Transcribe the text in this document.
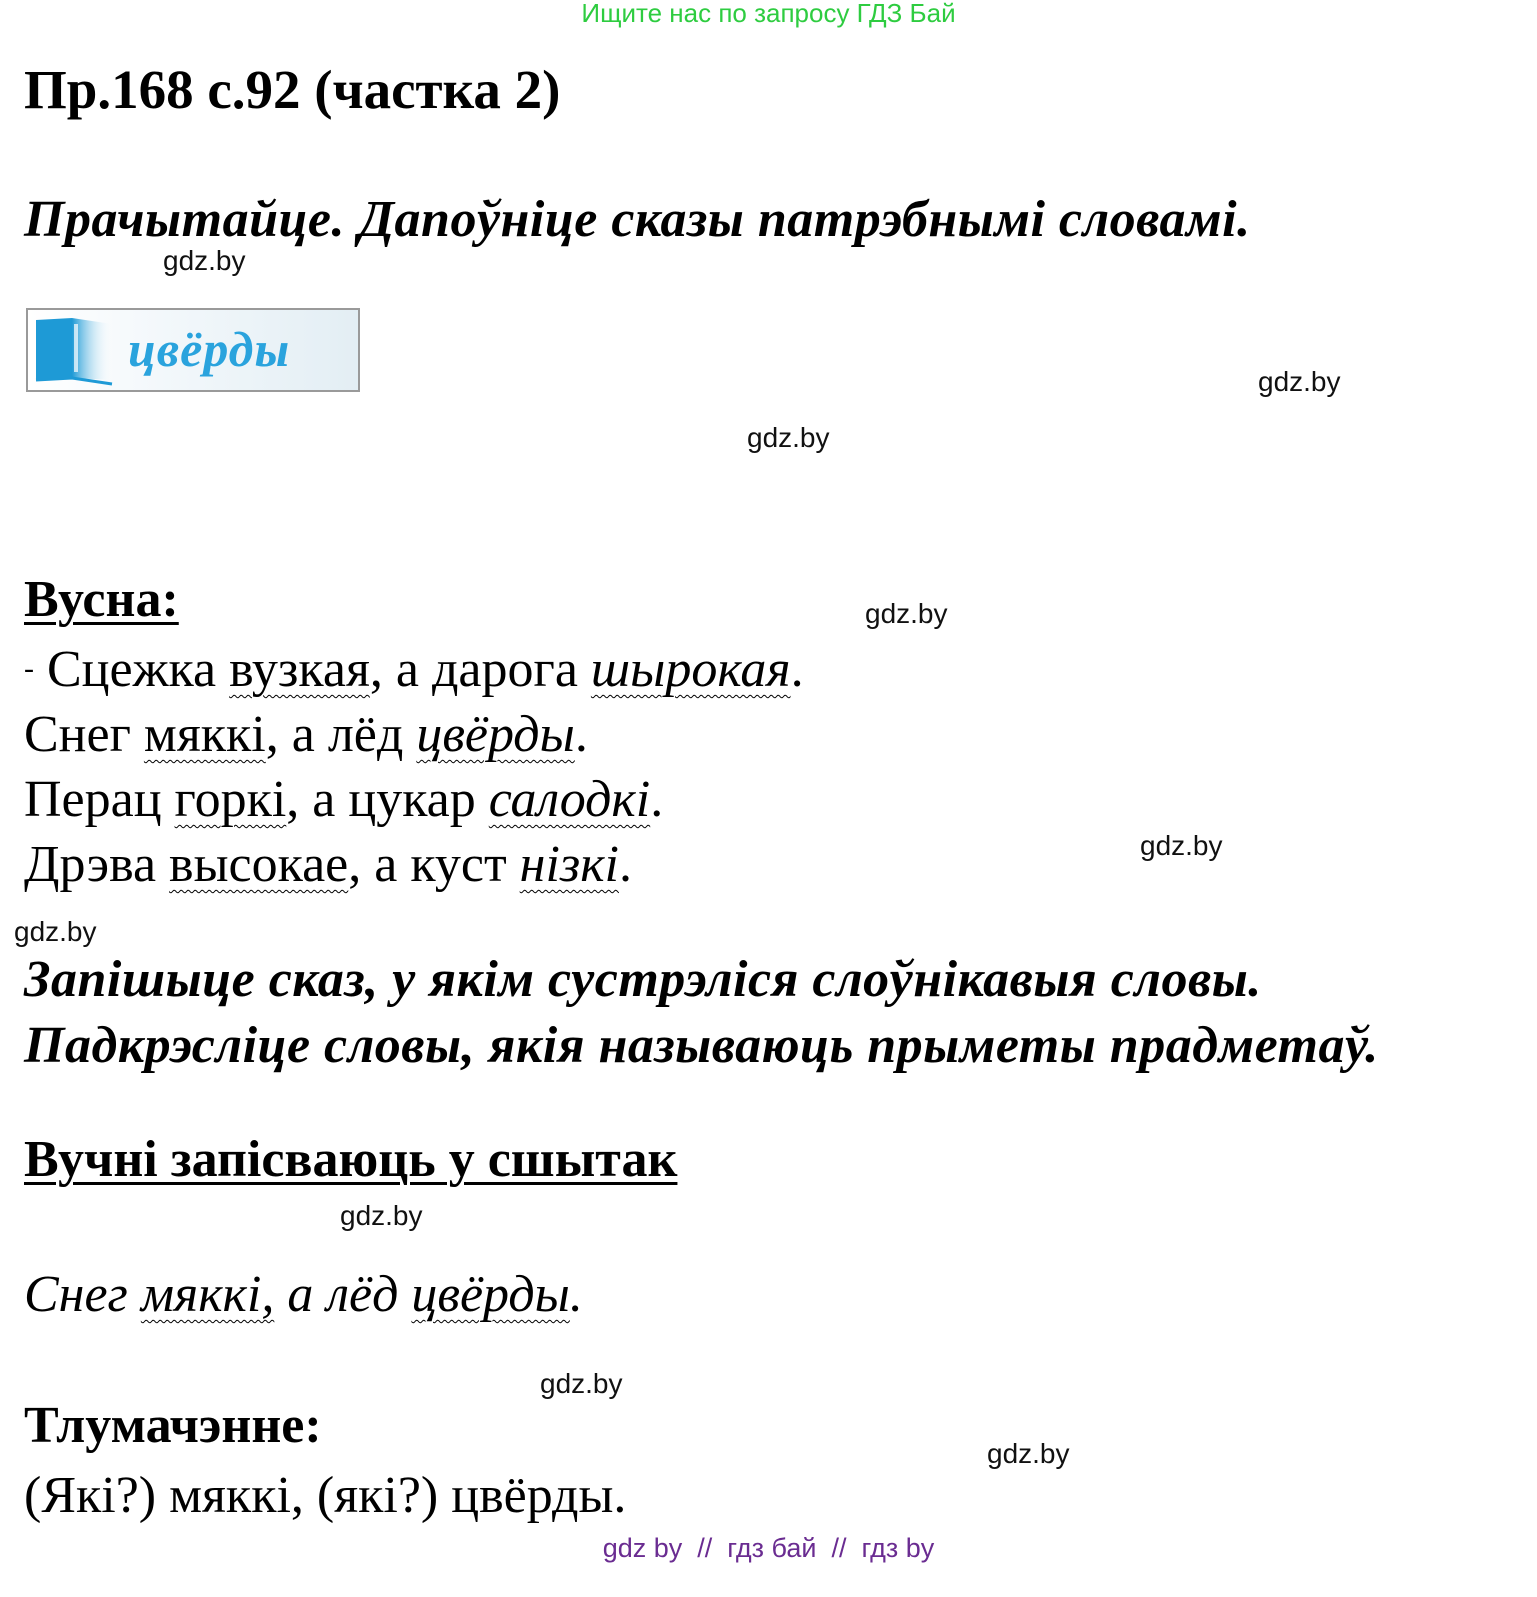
Ищите нас по запросу ГДЗ Бай
Пр.168 с.92 (частка 2)
Прачытайце. Дапоўніце сказы патрэбнымі словамі.
gdz.by
цвёрды
gdz.by
gdz.by
Вусна:	gdz.by
- Сцежка вузкая, а дарога шырокая.
Снег мяккі, а лёд цвёрды.
Перац горкі, а цукар салодкі.
Дрэва высокае, а куст нізкі.	gdz.by
gdz.by
Запішыце сказ, у якім сустрэліся слоўнікавыя словы.
Падкрэсліце словы, якія называюць прыметы прадметаў.
Вучні запісваюць у сшытак
gdz.by
Снег мяккі, а лёд цвёрды.
gdz.by
Тлумачэнне:	gdz.by
(Які?) мяккі, (які?) цвёрды.
gdz by  //  гдз бай  //  гдз by
